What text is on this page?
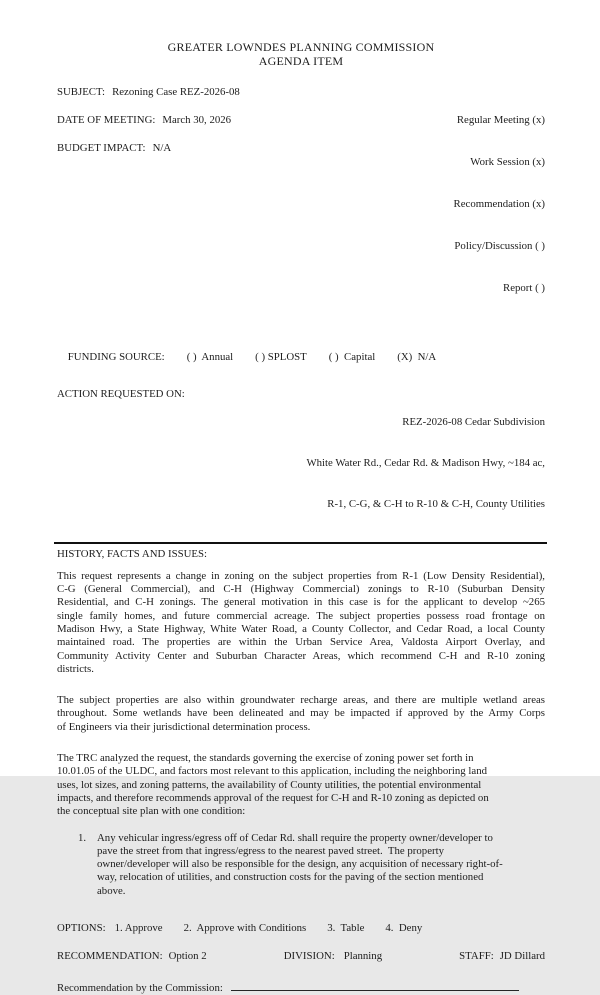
GREATER LOWNDES PLANNING COMMISSION
AGENDA ITEM
SUBJECT: Rezoning Case REZ-2026-08
DATE OF MEETING: March 30, 2026
BUDGET IMPACT: N/A

Regular Meeting (x)

Work Session (x)

Recommendation (x)

Policy/Discussion ( )

Report ( )

FUNDING SOURCE: ( )  Annual ( ) SPLOST ( )  Capital (X)  N/A

ACTION REQUESTED ON:

REZ-2026-08 Cedar Subdivision

White Water Rd., Cedar Rd. & Madison Hwy, ~184 ac,

R-1, C-G, & C-H to R-10 & C-H, County Utilities

HISTORY, FACTS AND ISSUES:
This request represents a change in zoning on the subject properties from R-1 (Low Density Residential),
C-G (General Commercial), and C-H (Highway Commercial) zonings to R-10 (Suburban Density
Residential, and C-H zonings. The general motivation in this case is for the applicant to develop ~265
single family homes, and future commercial acreage. The subject properties possess road frontage on
Madison Hwy, a State Highway, White Water Road, a County Collector, and Cedar Road, a local County
maintained road. The properties are within the Urban Service Area, Valdosta Airport Overlay, and
Community Activity Center and Suburban Character Areas, which recommend C-H and R-10 zoning
districts.
The subject properties are also within groundwater recharge areas, and there are multiple wetland areas
throughout. Some wetlands have been delineated and may be impacted if approved by the Army Corps
of Engineers via their jurisdictional determination process.
The TRC analyzed the request, the standards governing the exercise of zoning power set forth in
10.01.05 of the ULDC, and factors most relevant to this application, including the neighboring land
uses, lot sizes, and zoning patterns, the availability of County utilities, the potential environmental
impacts, and therefore recommends approval of the request for C-H and R-10 zoning as depicted on
the conceptual site plan with one condition:
1.	Any vehicular ingress/egress off of Cedar Rd. shall require the property owner/developer to
pave the street from that ingress/egress to the nearest paved street.  The property
owner/developer will also be responsible for the design, any acquisition of necessary right-of-
way, relocation of utilities, and construction costs for the paving of the section mentioned
above.
OPTIONS: 1. Approve 2.  Approve with Conditions 3.  Table 4.  Deny
RECOMMENDATION: Option 2	DIVISION: Planning	STAFF: JD Dillard
Recommendation by the Commission:
